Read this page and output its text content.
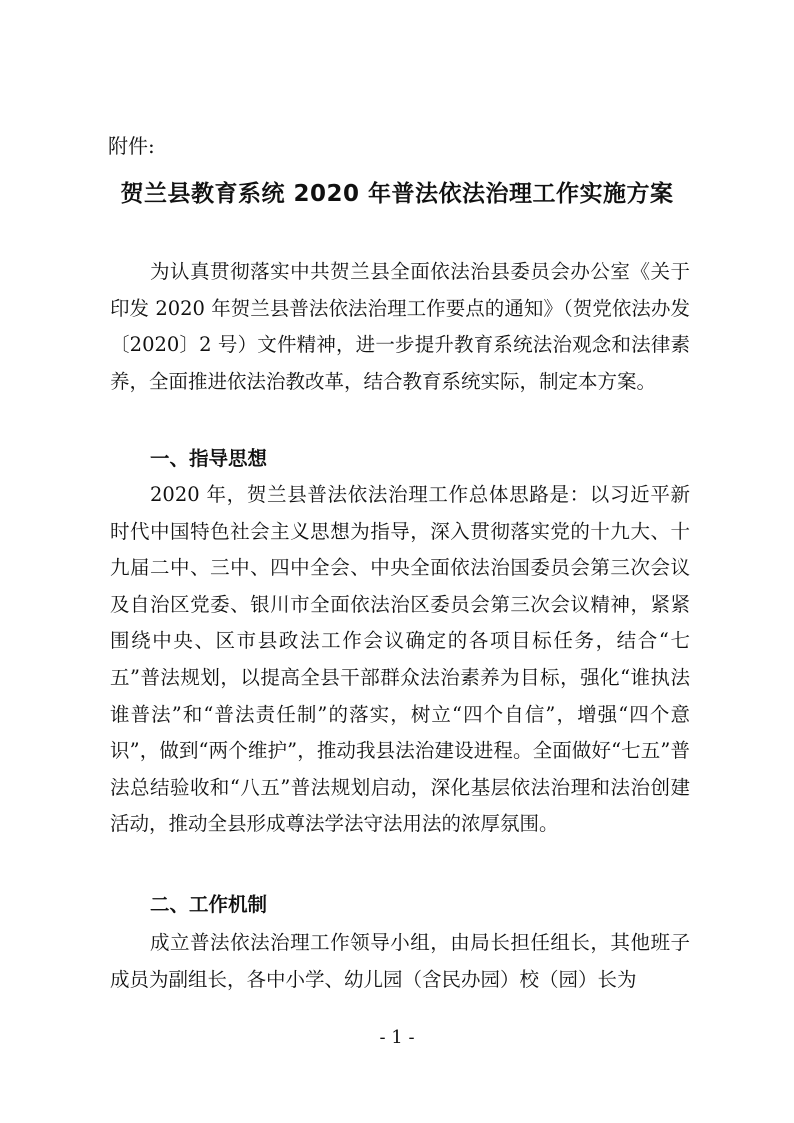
附件:
贺兰县教育系统 2020 年普法依法治理工作实施方案

为认真贯彻落实中共贺兰县全面依法治县委员会办公室《关于印发 2020 年贺兰县普法依法治理工作要点的通知》（贺党依法办发〔2020〕2 号）文件精神，进一步提升教育系统法治观念和法律素养，全面推进依法治教改革，结合教育系统实际，制定本方案。

一、指导思想

2020 年，贺兰县普法依法治理工作总体思路是：以习近平新时代中国特色社会主义思想为指导，深入贯彻落实党的十九大、十九届二中、三中、四中全会、中央全面依法治国委员会第三次会议及自治区党委、银川市全面依法治区委员会第三次会议精神，紧紧围绕中央、区市县政法工作会议确定的各项目标任务，结合“七五”普法规划，以提高全县干部群众法治素养为目标，强化“谁执法谁普法”和“普法责任制”的落实，树立“四个自信”，增强“四个意识”，做到“两个维护”，推动我县法治建设进程。全面做好“七五”普法总结验收和“八五”普法规划启动，深化基层依法治理和法治创建活动，推动全县形成尊法学法守法用法的浓厚氛围。

二、工作机制

成立普法依法治理工作领导小组，由局长担任组长，其他班子成员为副组长，各中小学、幼儿园（含民办园）校（园）长为

- 1 -
